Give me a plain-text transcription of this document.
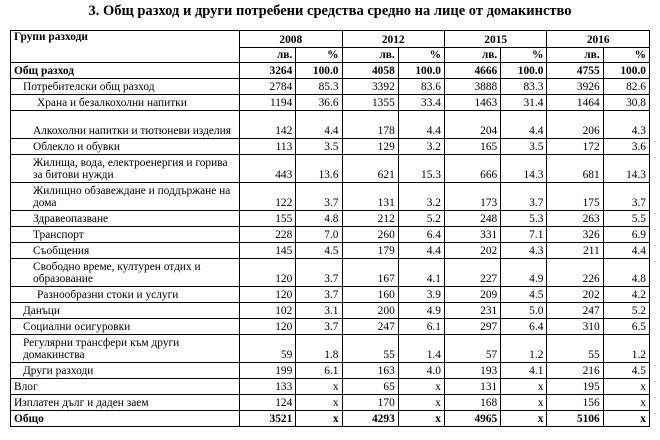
3. Общ разход и други потребени средства средно на лице от домакинство
Групи разходи	2008		2012		2015		2016	
	лв.	%	лв.	%	лв.	%	лв.	%
Общ разход	3264	100.0	4058	100.0	4666	100.0	4755	100.0
Потребителски общ разход	2784	85.3	3392	83.6	3888	83.3	3926	82.6
Храна и безалкохолни напитки	1194	36.6	1355	33.4	1463	31.4	1464	30.8
Алкохолни напитки и тютюневи изделия	142	4.4	178	4.4	204	4.4	206	4.3
Облекло и обувки	113	3.5	129	3.2	165	3.5	172	3.6
Жилища, вода, електроенергия и горива за битови нужди	443	13.6	621	15.3	666	14.3	681	14.3
Жилищно обзавеждане и поддържане на дома	122	3.7	131	3.2	173	3.7	175	3.7
Здравеопазване	155	4.8	212	5.2	248	5.3	263	5.5
Транспорт	228	7.0	260	6.4	331	7.1	326	6.9
Съобщения	145	4.5	179	4.4	202	4.3	211	4.4
Свободно време, културен отдих и образование	120	3.7	167	4.1	227	4.9	226	4.8
Разнообразни стоки и услуги	120	3.7	160	3.9	209	4.5	202	4.2
Данъци	102	3.1	200	4.9	231	5.0	247	5.2
Социални осигуровки	120	3.7	247	6.1	297	6.4	310	6.5
Регулярни трансфери към други домакинства	59	1.8	55	1.4	57	1.2	55	1.2
Други разходи	199	6.1	163	4.0	193	4.1	216	4.5
Влог	133	x	65	x	131	x	195	x
Изплатен дълг и даден заем	124	x	170	x	168	x	156	x
Общо	3521	x	4293	x	4965	x	5106	x
